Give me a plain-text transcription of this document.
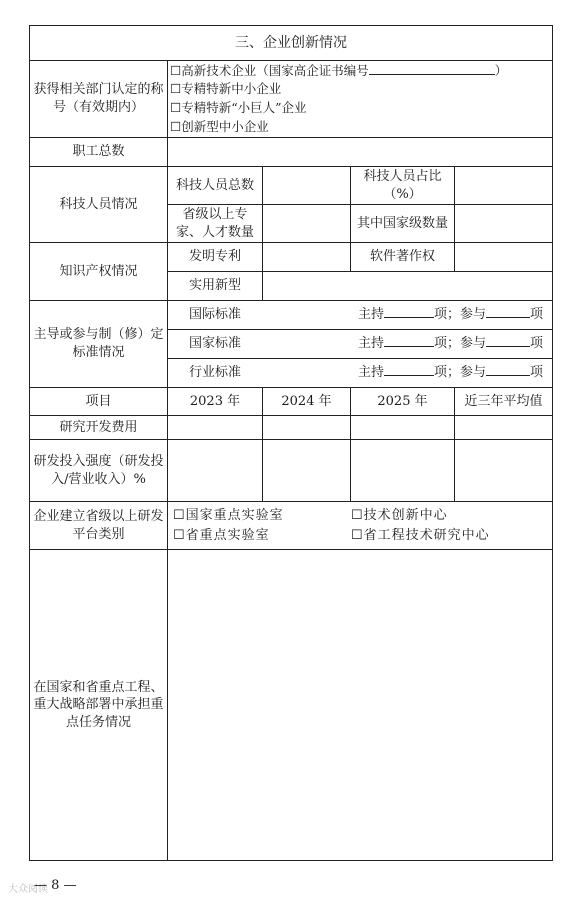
三、企业创新情况				
获得相关部门认定的称号（有效期内）	☐高新技术企业（国家高企证书编号 ）
☐专精特新中小企业
☐专精特新“小巨人”企业
☐创新型中小企业			

职工总数				
科技人员情况	科技人员总数		科技人员占比（%）	
	省级以上专家、人才数量		其中国家级数量	
知识产权情况	发明专利		软件著作权	
	实用新型			
主导或参与制（修）定标准情况	国际标准 主持 项；参与 项			

	国家标准 主持 项；参与 项			

	行业标准 主持 项；参与 项			

项目	2023 年	2024 年	2025 年	近三年平均值
研究开发费用				
研发投入强度（研发投入/营业收入）%				
企业建立省级以上研发平台类别	☐国家重点实验室 ☐技术创新中心
☐省重点实验室 ☐省工程技术研究中心			

在国家和省重点工程、重大战略部署中承担重点任务情况				
大众阅读
— 8 —
